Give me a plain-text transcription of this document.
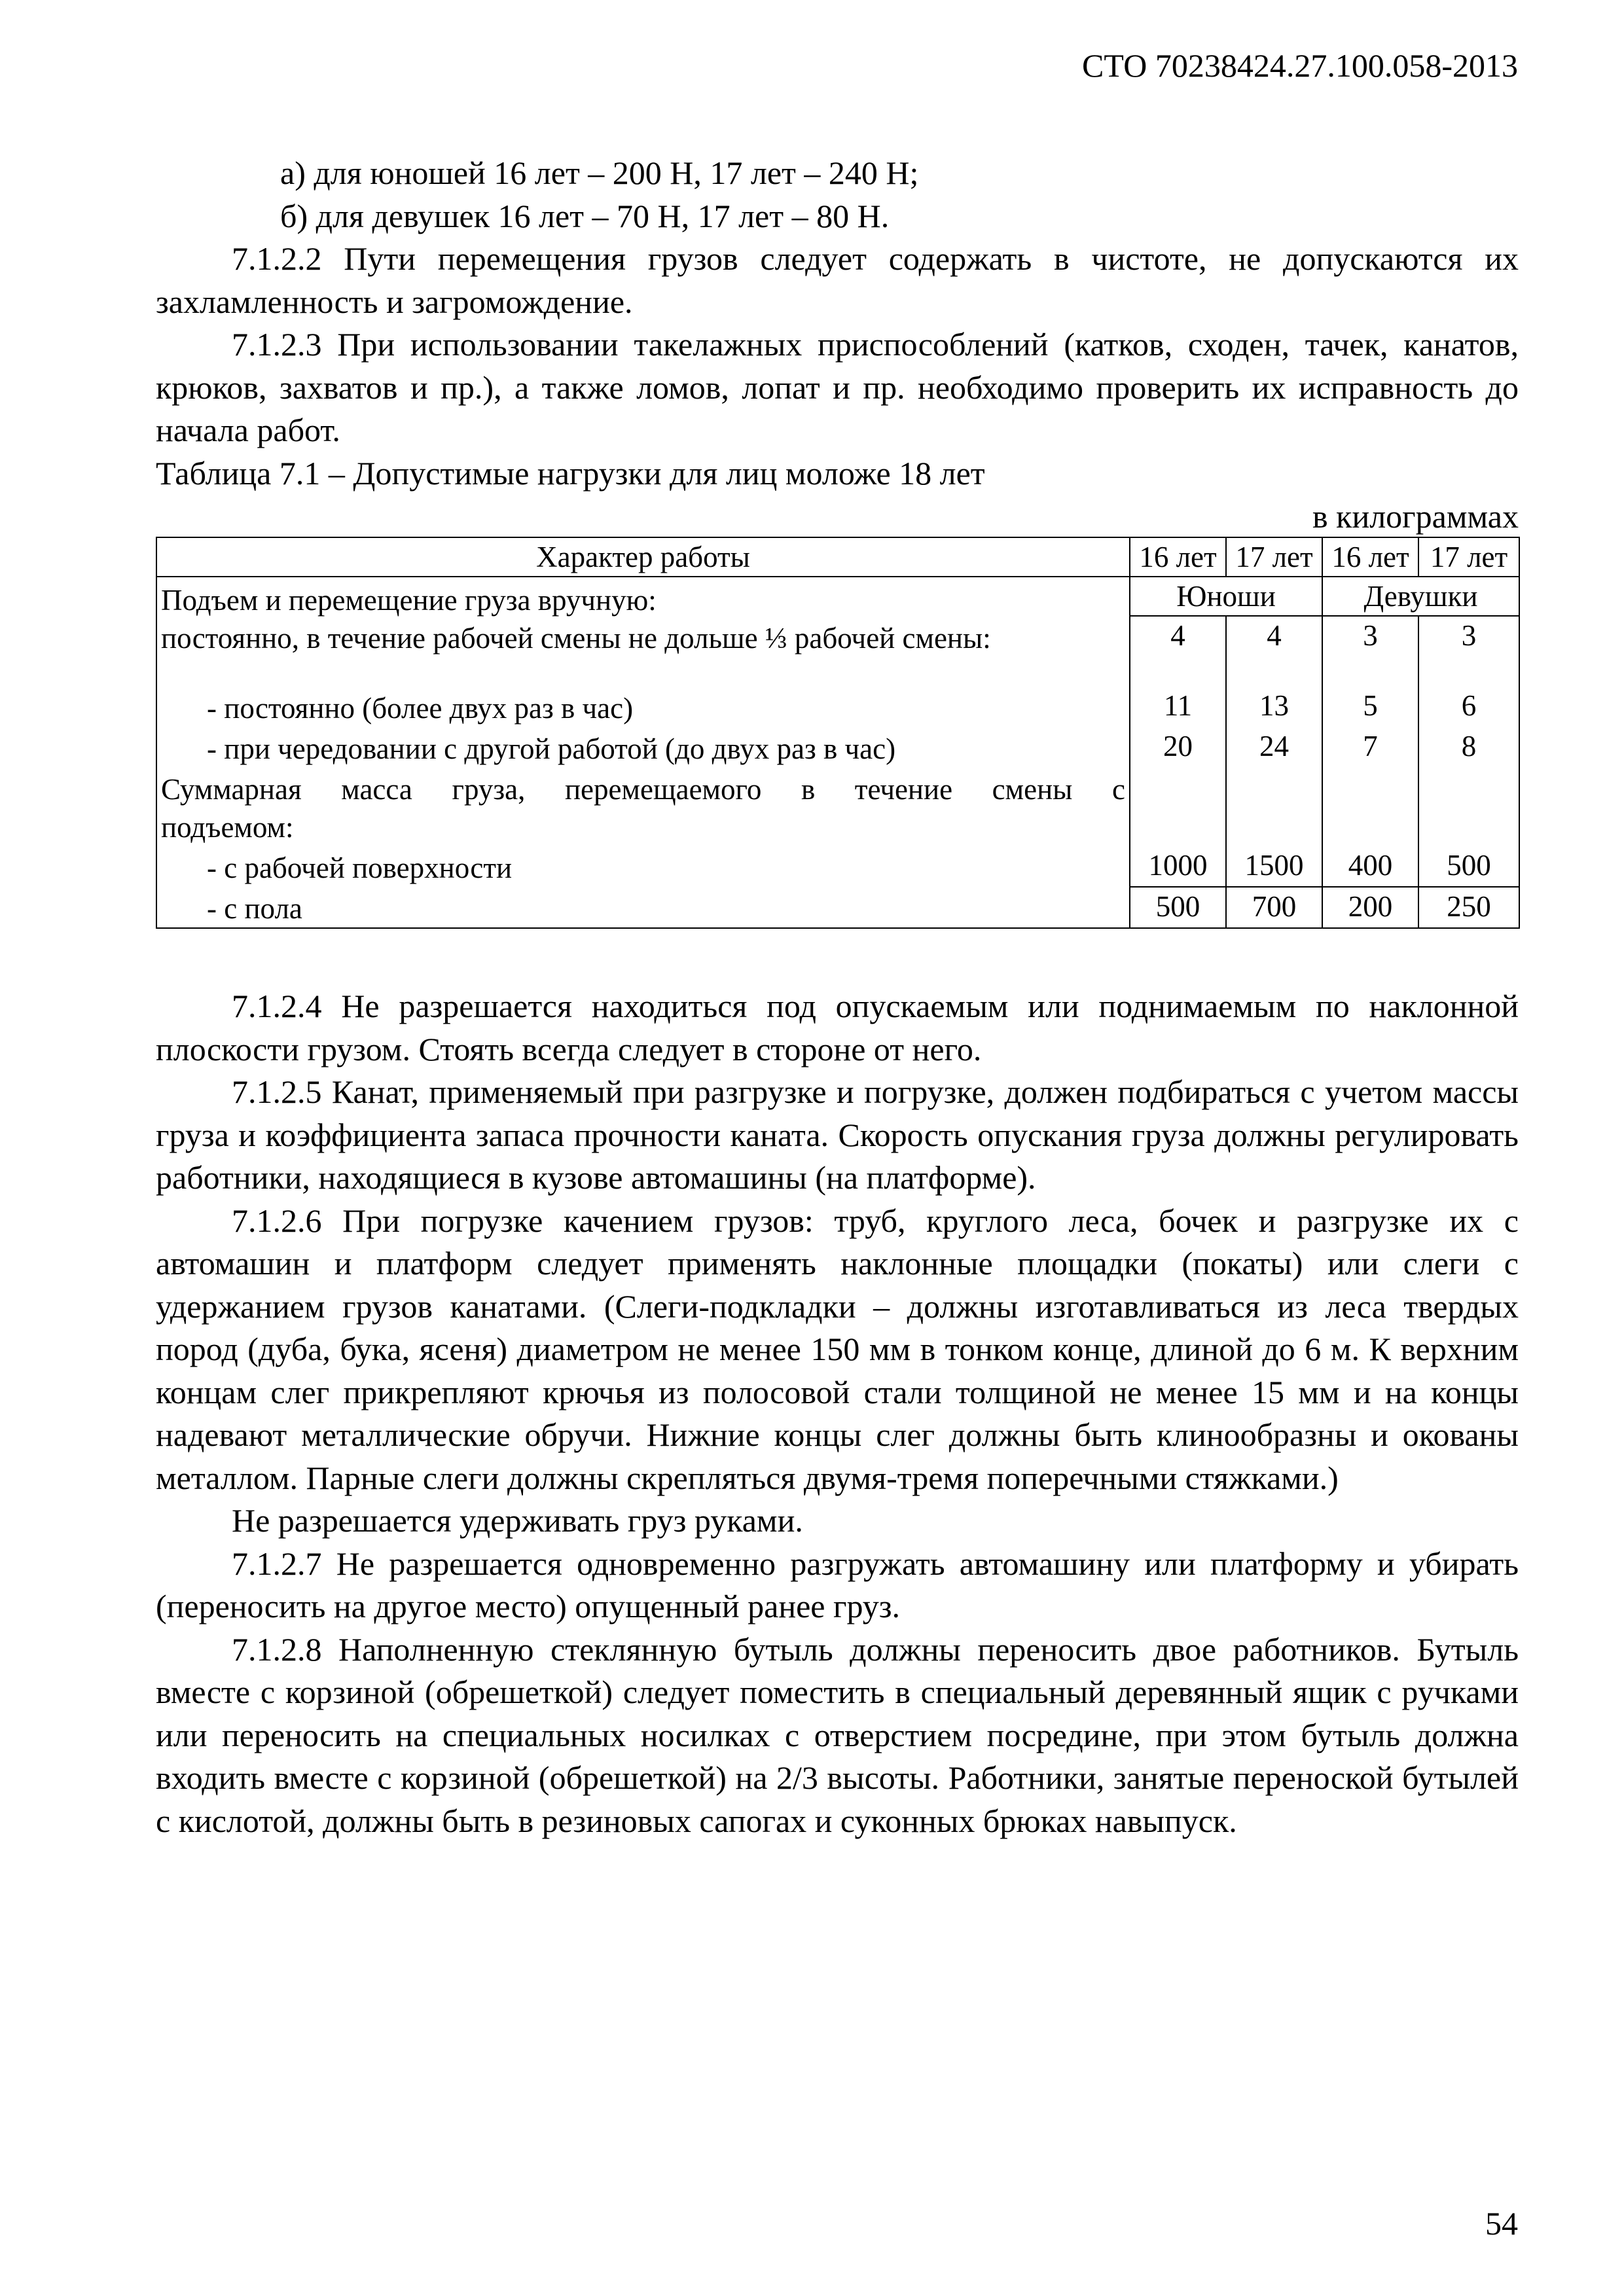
СТО 70238424.27.100.058-2013

а) для юношей 16 лет – 200 Н, 17 лет – 240 Н;

б) для девушек 16 лет – 70 Н, 17 лет – 80 Н.

7.1.2.2 Пути перемещения грузов следует содержать в чистоте, не допускаются их захламленность и загромождение.

7.1.2.3 При использовании такелажных приспособлений (катков, сходен, тачек, канатов, крюков, захватов и пр.), а также ломов, лопат и пр. необходимо проверить их исправность до начала работ.

Таблица 7.1 – Допустимые нагрузки для лиц моложе 18 лет

в килограммах
Характер работы	16 лет	17 лет	16 лет	17 лет

Подъем и перемещение груза вручную:
постоянно, в течение рабочей смены не дольше ⅓ рабочей смены:	Юноши		Девушки	
	4	4	3	3

- постоянно (более двух раз в час)	11	13	5	6

- при чередовании с другой работой (до двух раз в час)	20	24	7	8

Суммарная масса груза, перемещаемого в течение смены с
подъемом:				

- с рабочей поверхности	1000	1500	400	500

- с пола	500	700	200	250

7.1.2.4 Не разрешается находиться под опускаемым или поднимаемым по наклонной плоскости грузом. Стоять всегда следует в стороне от него.

7.1.2.5 Канат, применяемый при разгрузке и погрузке, должен подбираться с учетом массы груза и коэффициента запаса прочности каната. Скорость опускания груза должны регулировать работники, находящиеся в кузове автомашины (на платформе).

7.1.2.6 При погрузке качением грузов: труб, круглого леса, бочек и разгрузке их с автомашин и платформ следует применять наклонные площадки (покаты) или слеги с удержанием грузов канатами. (Слеги-подкладки – должны изготавливаться из леса твердых пород (дуба, бука, ясеня) диаметром не менее 150 мм в тонком конце, длиной до 6 м. К верхним концам слег прикрепляют крючья из полосовой стали толщиной не менее 15 мм и на концы надевают металлические обручи. Нижние концы слег должны быть клинообразны и окованы металлом. Парные слеги должны скрепляться двумя-тремя поперечными стяжками.)

Не разрешается удерживать груз руками.

7.1.2.7 Не разрешается одновременно разгружать автомашину или платформу и убирать (переносить на другое место) опущенный ранее груз.

7.1.2.8 Наполненную стеклянную бутыль должны переносить двое работников. Бутыль вместе с корзиной (обрешеткой) следует поместить в специальный деревянный ящик с ручками или переносить на специальных носилках с отверстием посредине, при этом бутыль должна входить вместе с корзиной (обрешеткой) на 2/3 высоты. Работники, занятые переноской бутылей с кислотой, должны быть в резиновых сапогах и суконных брюках навыпуск.

54
